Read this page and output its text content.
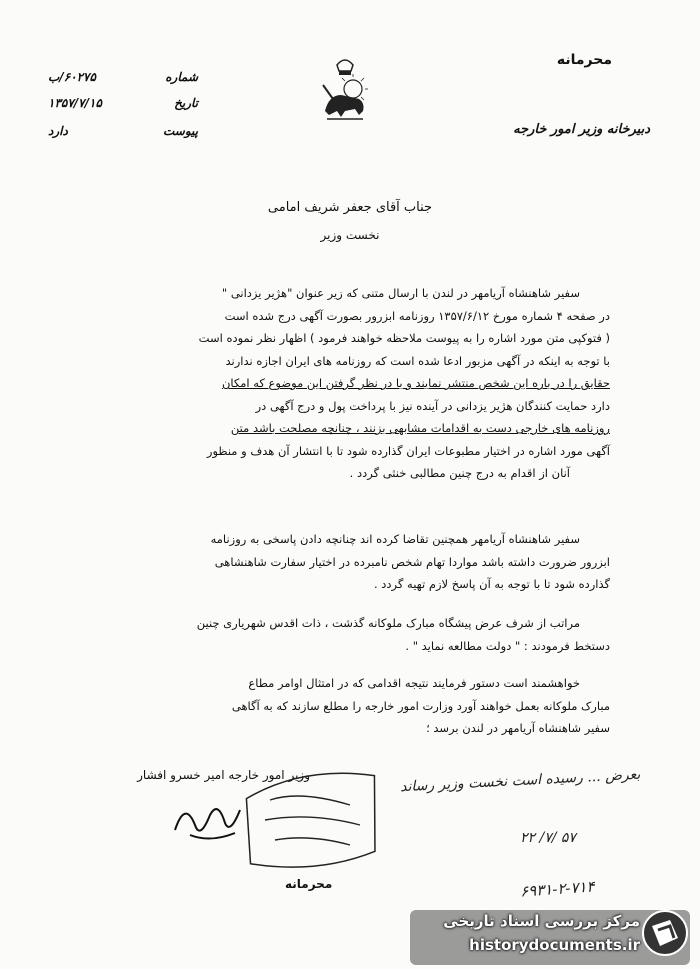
شماره
۶۰۲۷۵/ب
تاریخ
۱۳۵۷/۷/۱۵
پیوست
دارد
محرمانه
دبیرخانه وزیر امور خارجه
جناب آقای جعفر شریف امامی
نخست وزیر

سفیر شاهنشاه آریامهر در لندن با ارسال متنی که زیر عنوان "هژیر یزدانی "

در صفحه ۴ شماره مورخ ۱۳۵۷/۶/۱۲ روزنامه ابزرور بصورت آگهی درج شده است

( فتوکپی متن مورد اشاره را به پیوست ملاحظه خواهند فرمود ) اظهار نظر نموده است

با توجه به اینکه در آگهی مزبور ادعا شده است که روزنامه های ایران اجازه ندارند

حقایق را در باره این شخص منتشر نمایند و با در نظر گرفتن این موضوع که امکان

دارد حمایت کنندگان هژیر یزدانی در آینده نیز با پرداخت پول و درج آگهی در

روزنامه های خارجی دست به اقدامات مشابهی بزنند ، چنانچه مصلحت باشد متن

آگهی مورد اشاره در اختیار مطبوعات ایران گذارده شود تا با انتشار آن هدف و منظور

آنان از اقدام به درج چنین مطالبی خنثی گردد .

سفیر شاهنشاه آریامهر همچنین تقاضا کرده اند چنانچه دادن پاسخی به روزنامه

ابزرور ضرورت داشته باشد مواردا تهام شخص نامبرده در اختیار سفارت شاهنشاهی

گذارده شود تا با توجه به آن پاسخ لازم تهیه گردد .

مراتب از شرف عرض پیشگاه مبارک ملوکانه گذشت ، ذات اقدس شهریاری چنین

دستخط فرمودند : " دولت مطالعه نماید " .

خواهشمند است دستور فرمایند نتیجه اقدامی که در امتثال اوامر مطاع

مبارک ملوکانه بعمل خواهند آورد وزارت امور خارجه را مطلع سازند که به آگاهی

سفیر شاهنشاه آریامهر در لندن برسد ؛

وزیر امور خارجه امیر خسرو افشار	بعرض ... رسیده است نخست وزیر رساند
۲۲ /۷/ ۵۷
۶۹۳۱-۲-۷۱۴
محرمانه
مرکز بررسی اسناد تاریخی
historydocuments.ir
